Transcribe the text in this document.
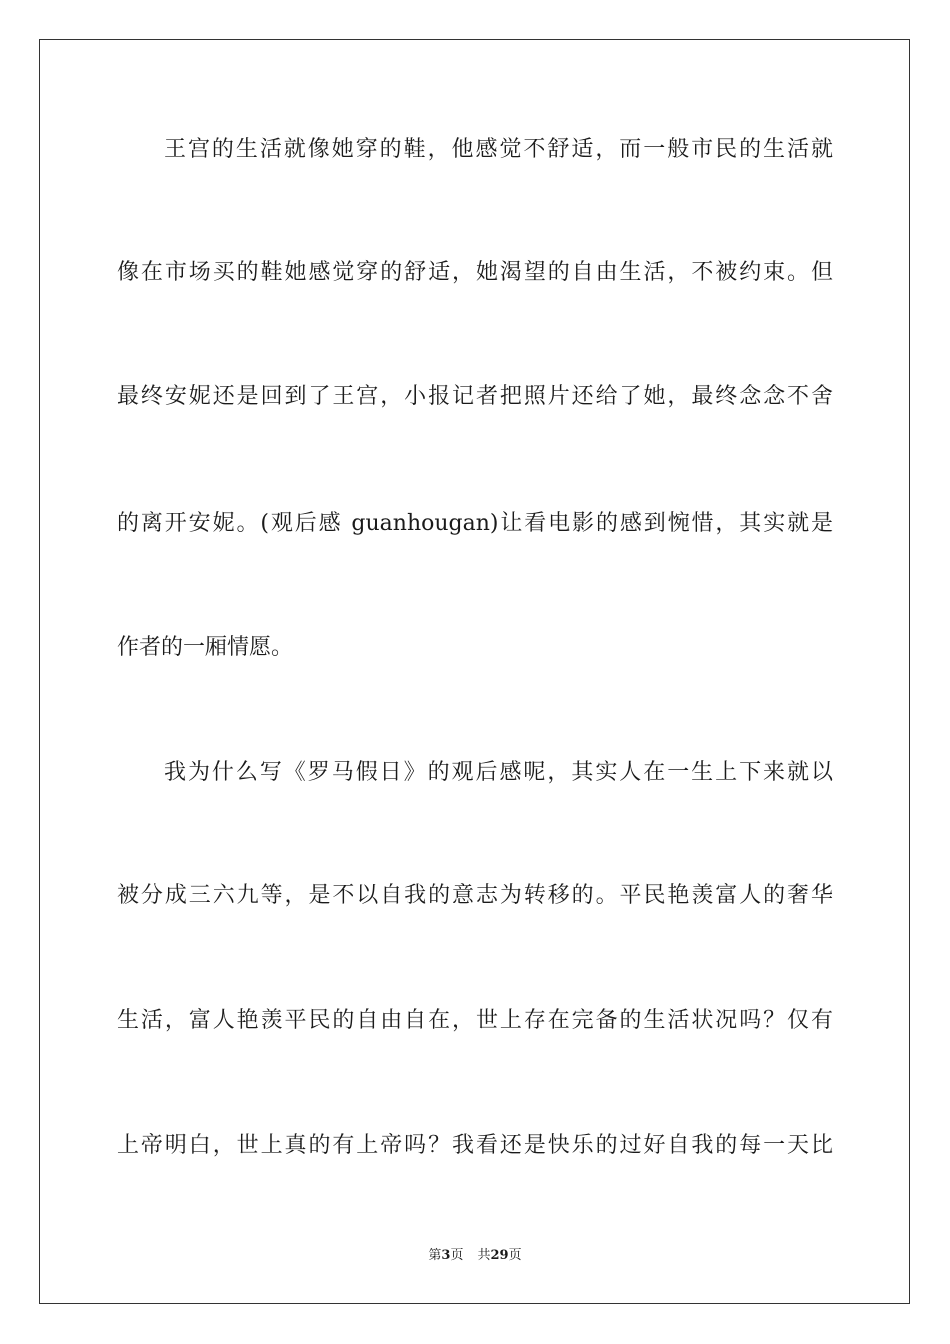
王宫的生活就像她穿的鞋，他感觉不舒适，而一般市民的生活就
像在市场买的鞋她感觉穿的舒适，她渴望的自由生活，不被约束。但
最终安妮还是回到了王宫，小报记者把照片还给了她，最终念念不舍
的离开安妮。(观后感 guanhougan)让看电影的感到惋惜，其实就是
作者的一厢情愿。
我为什么写《罗马假日》的观后感呢，其实人在一生上下来就以
被分成三六九等，是不以自我的意志为转移的。平民艳羡富人的奢华
生活，富人艳羡平民的自由自在，世上存在完备的生活状况吗？仅有
上帝明白，世上真的有上帝吗？我看还是快乐的过好自我的每一天比
第3页 共29页
